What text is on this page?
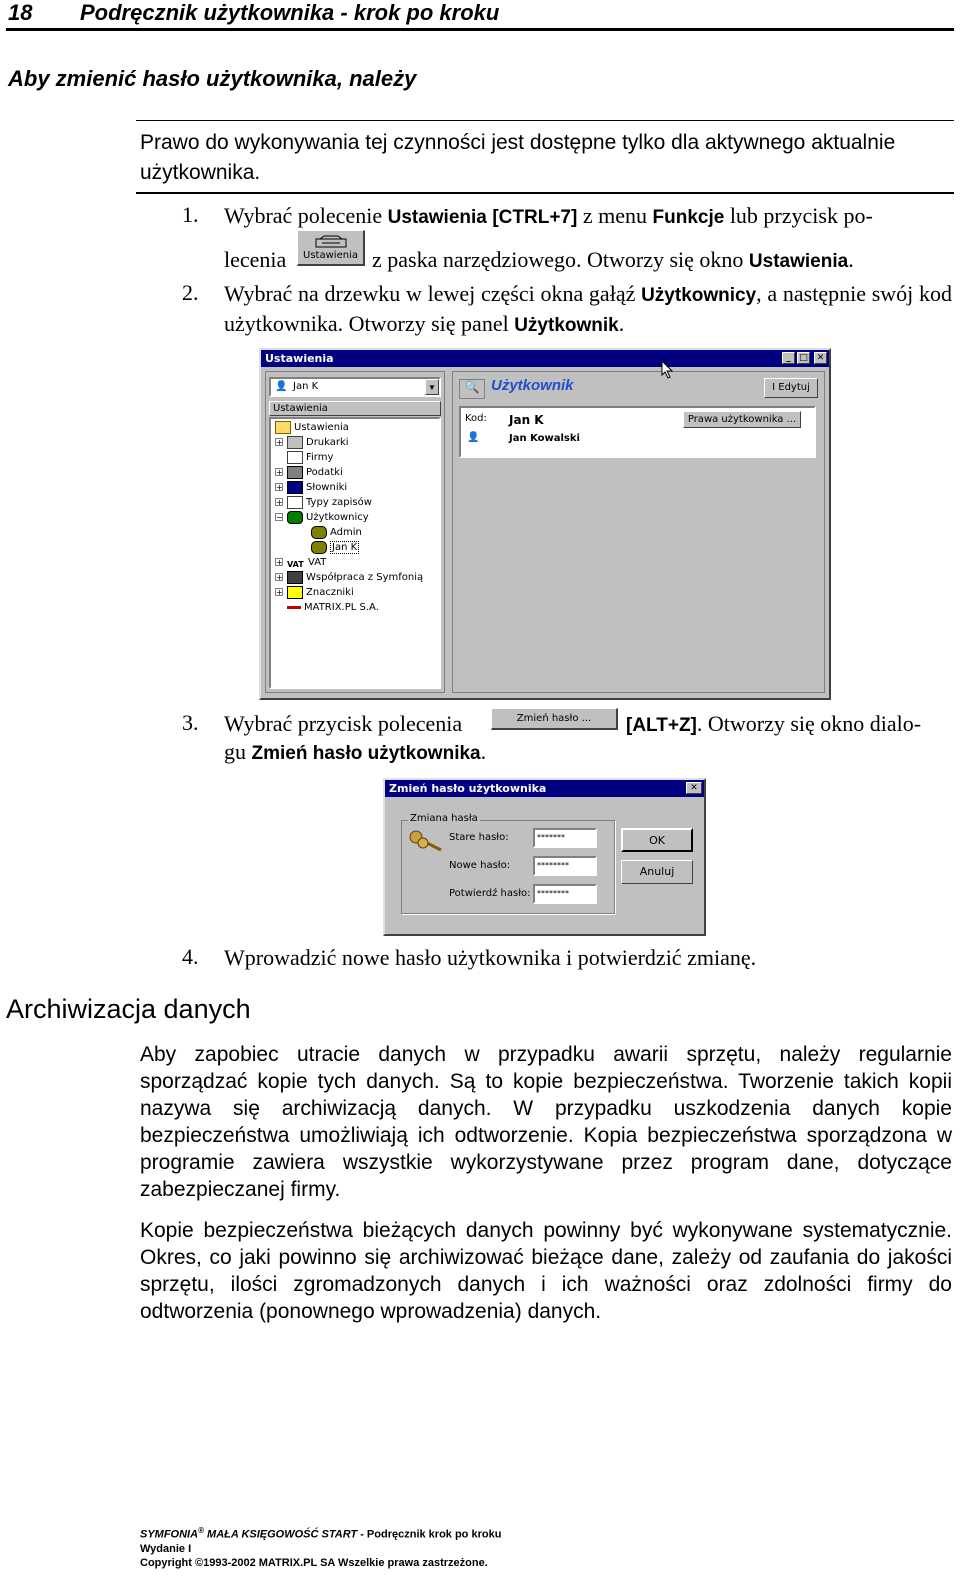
18 Podręcznik użytkownika - krok po kroku
Aby zmienić hasło użytkownika, należy
Prawo do wykonywania tej czynności jest dostępne tylko dla aktywnego aktualnie użytkownika.
1. Wybrać polecenie Ustawienia [CTRL+7] z menu Funkcje lub przycisk po-
lecenia	Ustawienia z paska narzędziowego. Otworzy się okno Ustawienia.
2. Wybrać na drzewku w lewej części okna gałąź Użytkownicy, a następnie swój kod użytkownika. Otworzy się panel Użytkownik.
Ustawienia	_ □ ✕
👤 Jan K	▼
Ustawienia
Ustawienia
+ Drukarki
Firmy
+ Podatki
+ Słowniki
+ Typy zapisów
− Użytkownicy
Admin
Jan K
+ VAT VAT
+ Współpraca z Symfonią
+ Znaczniki
MATRIX.PL S.A.
🔍 Użytkownik	Ι Edytuj
Kod: Jan K	Prawa użytkownika ...
👤	Jan Kowalski
3. Wybrać przycisk polecenia	Zmień hasło ...	[ALT+Z]. Otworzy się okno dialo-
gu Zmień hasło użytkownika.
Zmień hasło użytkownika	✕
Zmiana hasła
Stare hasło:	*******
Nowe hasło:	********
Potwierdź hasło: ********
OK
Anuluj
4. Wprowadzić nowe hasło użytkownika i potwierdzić zmianę.
Archiwizacja danych
Aby zapobiec utracie danych w przypadku awarii sprzętu, należy regularnie sporządzać kopie tych danych. Są to kopie bezpieczeństwa. Tworzenie takich kopii nazywa się archiwizacją danych. W przypadku uszkodzenia danych kopie bezpieczeństwa umożliwiają ich odtworzenie. Kopia bezpieczeństwa sporządzona w programie zawiera wszystkie wykorzystywane przez program dane, dotyczące zabezpieczanej firmy.
Kopie bezpieczeństwa bieżących danych powinny być wykonywane systematycznie. Okres, co jaki powinno się archiwizować bieżące dane, zależy od zaufania do jakości sprzętu, ilości zgromadzonych danych i ich ważności oraz zdolności firmy do odtworzenia (ponownego wprowadzenia) danych.
SYMFONIA® MAŁA KSIĘGOWOŚĆ START - Podręcznik krok po kroku
Wydanie I
Copyright ©1993-2002 MATRIX.PL SA Wszelkie prawa zastrzeżone.
